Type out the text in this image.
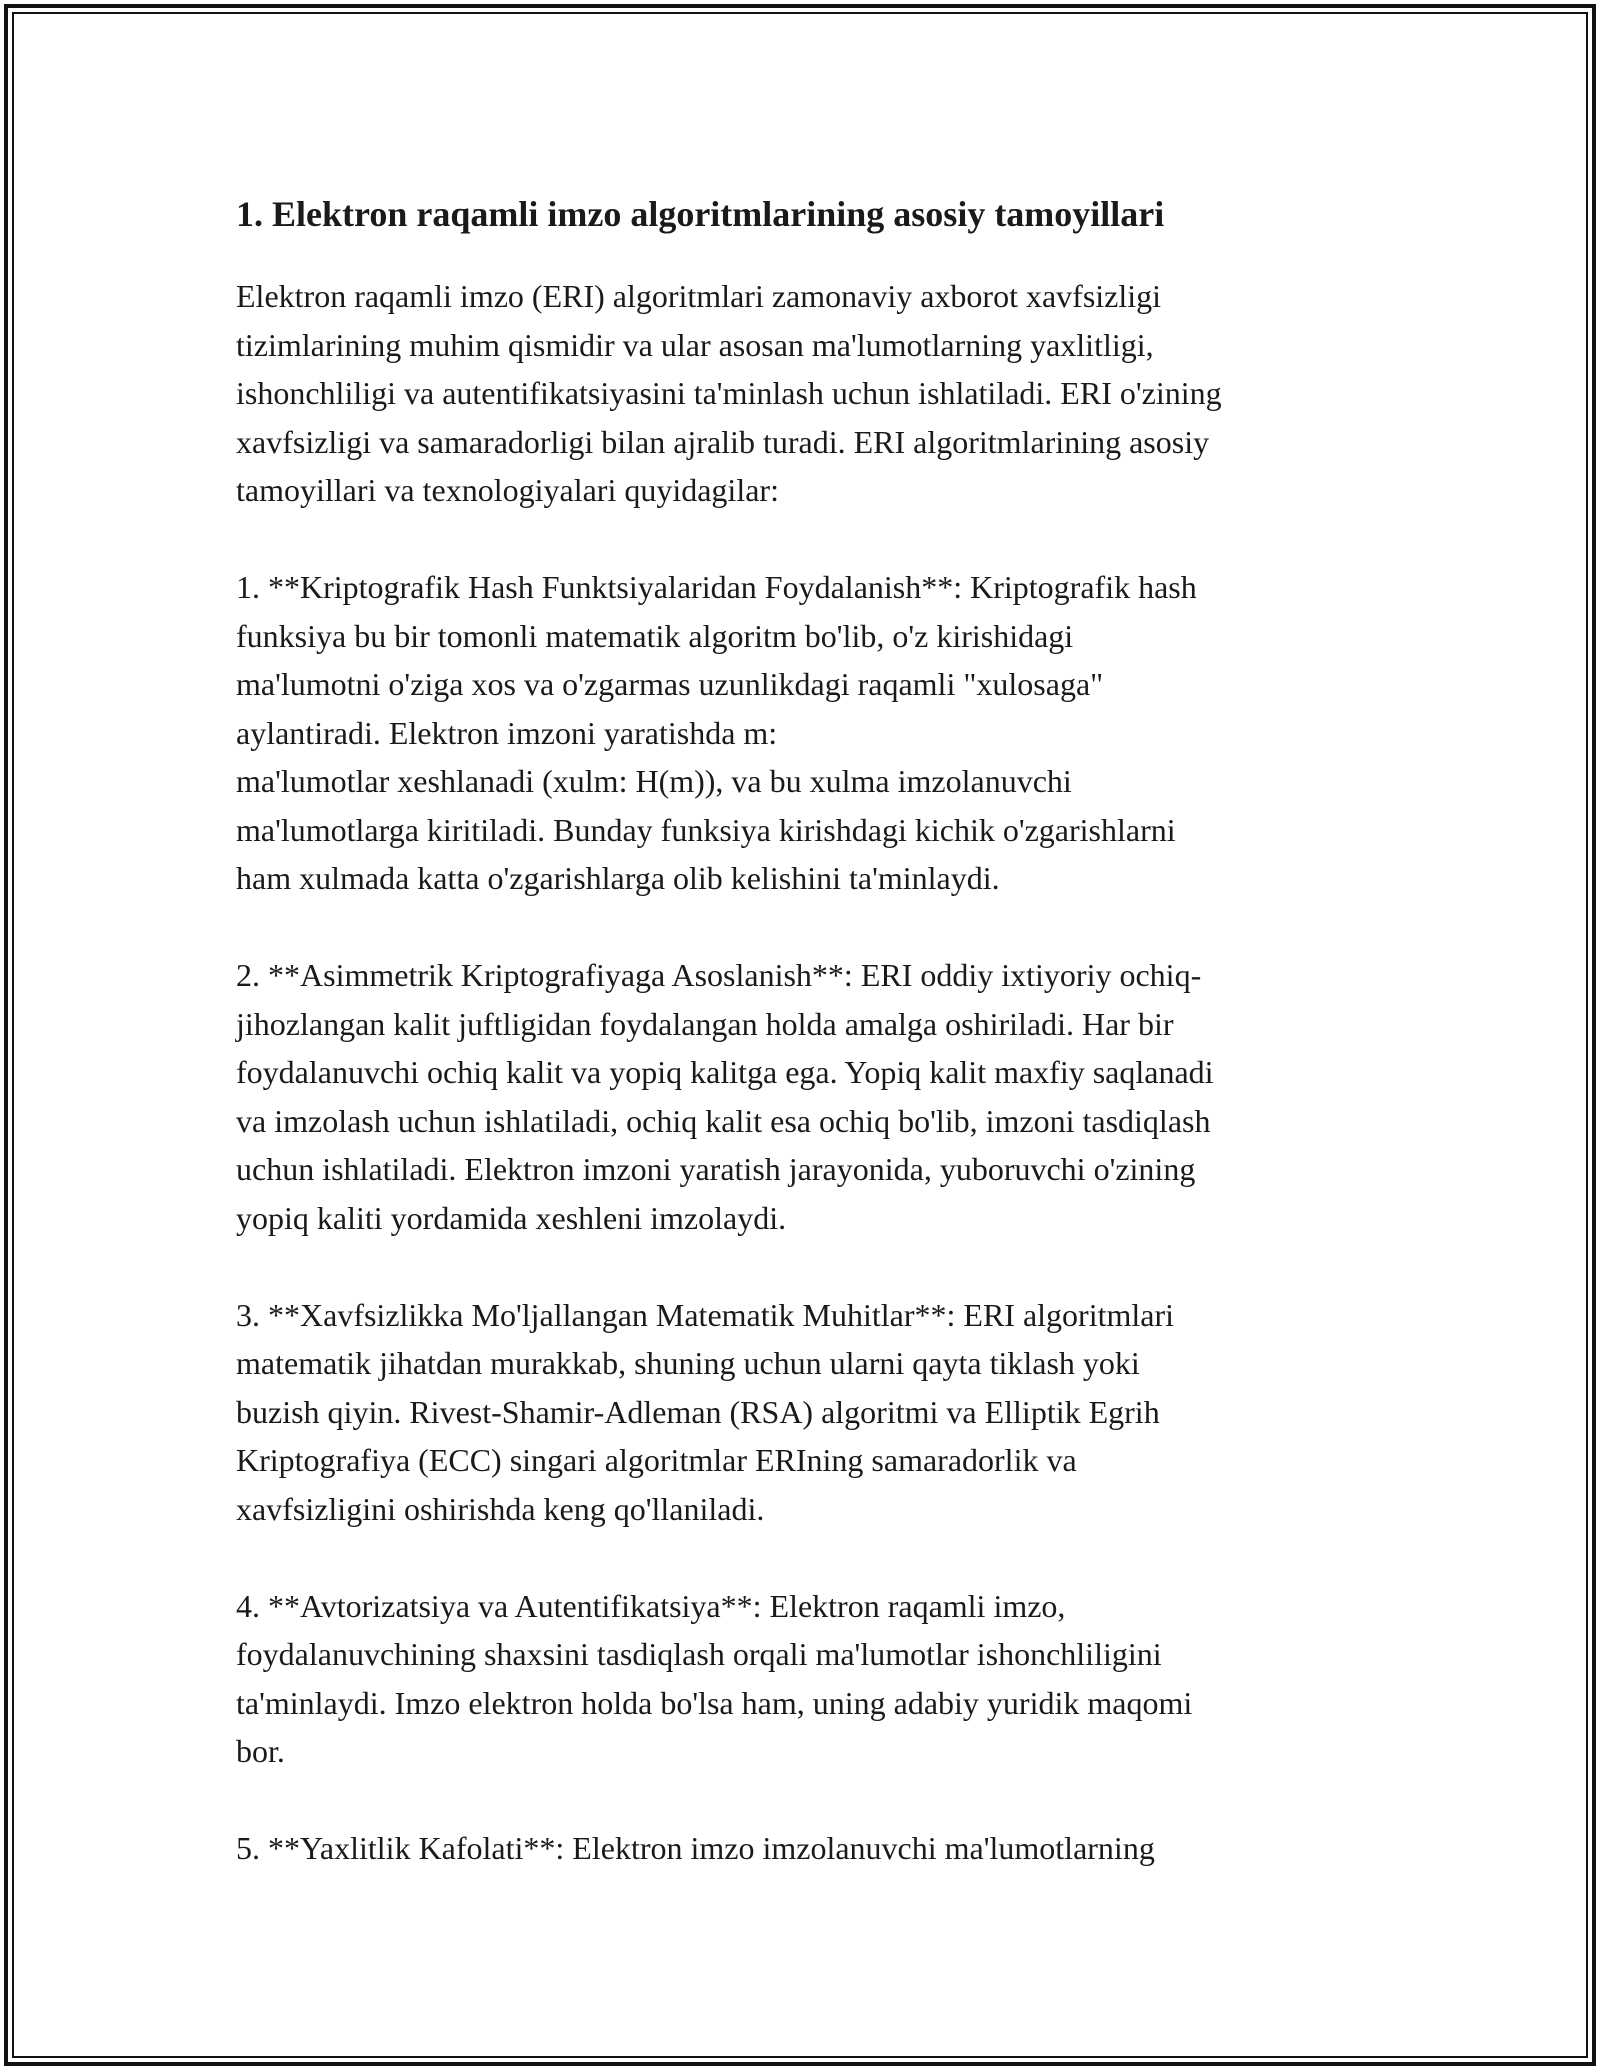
1. Elektron raqamli imzo algoritmlarining asosiy tamoyillari

Elektron raqamli imzo (ERI) algoritmlari zamonaviy axborot xavfsizligi
tizimlarining muhim qismidir va ular asosan ma'lumotlarning yaxlitligi,
ishonchliligi va autentifikatsiyasini ta'minlash uchun ishlatiladi. ERI o'zining
xavfsizligi va samaradorligi bilan ajralib turadi. ERI algoritmlarining asosiy
tamoyillari va texnologiyalari quyidagilar:

1. **Kriptografik Hash Funktsiyalaridan Foydalanish**: Kriptografik hash
funksiya bu bir tomonli matematik algoritm bo'lib, o'z kirishidagi
ma'lumotni o'ziga xos va o'zgarmas uzunlikdagi raqamli "xulosaga"
aylantiradi. Elektron imzoni yaratishda m:
ma'lumotlar xeshlanadi (xulm: H(m)), va bu xulma imzolanuvchi
ma'lumotlarga kiritiladi. Bunday funksiya kirishdagi kichik o'zgarishlarni
ham xulmada katta o'zgarishlarga olib kelishini ta'minlaydi.

2. **Asimmetrik Kriptografiyaga Asoslanish**: ERI oddiy ixtiyoriy ochiq-
jihozlangan kalit juftligidan foydalangan holda amalga oshiriladi. Har bir
foydalanuvchi ochiq kalit va yopiq kalitga ega. Yopiq kalit maxfiy saqlanadi
va imzolash uchun ishlatiladi, ochiq kalit esa ochiq bo'lib, imzoni tasdiqlash
uchun ishlatiladi. Elektron imzoni yaratish jarayonida, yuboruvchi o'zining
yopiq kaliti yordamida xeshleni imzolaydi.

3. **Xavfsizlikka Mo'ljallangan Matematik Muhitlar**: ERI algoritmlari
matematik jihatdan murakkab, shuning uchun ularni qayta tiklash yoki
buzish qiyin. Rivest-Shamir-Adleman (RSA) algoritmi va Elliptik Egrih
Kriptografiya (ECC) singari algoritmlar ERIning samaradorlik va
xavfsizligini oshirishda keng qo'llaniladi.

4. **Avtorizatsiya va Autentifikatsiya**: Elektron raqamli imzo,
foydalanuvchining shaxsini tasdiqlash orqali ma'lumotlar ishonchliligini
ta'minlaydi. Imzo elektron holda bo'lsa ham, uning adabiy yuridik maqomi
bor.

5. **Yaxlitlik Kafolati**: Elektron imzo imzolanuvchi ma'lumotlarning
